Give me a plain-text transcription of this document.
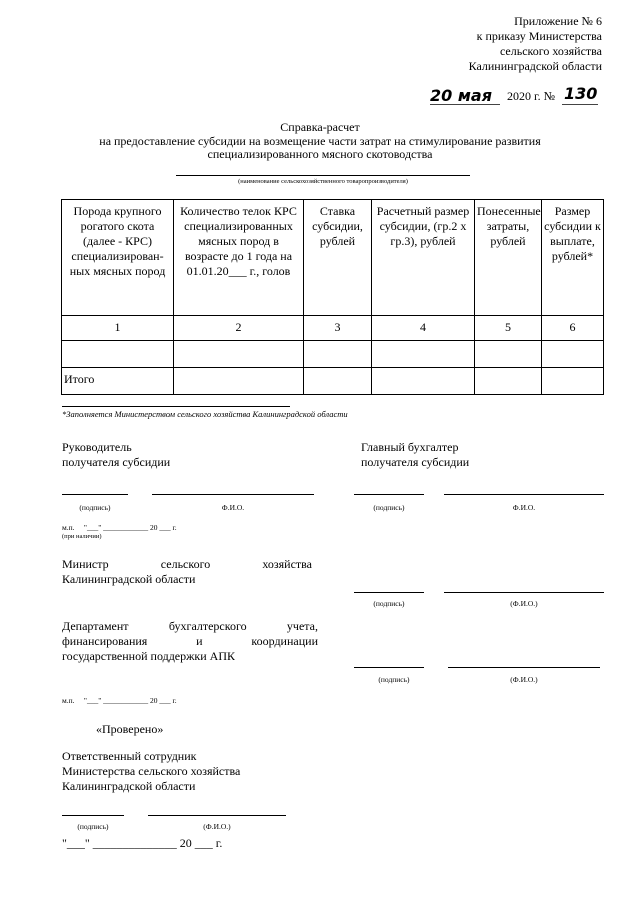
Приложение № 6
к приказу Министерства
сельского хозяйства
Калининградской области
20 мая 2020 г. № 130
Справка-расчет
на предоставление субсидии на возмещение части затрат на стимулирование развития
специализированного мясного скотоводства
(наименование сельскохозяйственного товаропроизводителя)
Порода крупного рогатого скота (далее - КРС) специализирован-ных мясных пород	Количество телок КРС специализированных мясных пород в возрасте до 1 года на 01.01.20___ г., голов	Ставка субсидии, рублей	Расчетный размер субсидии, (гр.2 х гр.3), рублей	Понесенные затраты, рублей	Размер субсидии к выплате, рублей*
1	2	3	4	5	6

Итого					
*Заполняется Министерством сельского хозяйства Калининградской области
Руководитель
получателя субсидии
Главный бухгалтер
получателя субсидии
(подпись)	Ф.И.О.	(подпись)	Ф.И.О.
м.п.     "___" ____________ 20 ___ г.
(при наличии)
Министр	сельского	хозяйства
Калининградской области
(подпись)	(Ф.И.О.)
Департамент	бухгалтерского	учета,
финансирования	и	координации
государственной поддержки АПК
(подпись)	(Ф.И.О.)
м.п.     "___" ____________ 20 ___ г.
«Проверено»
Ответственный сотрудник
Министерства сельского хозяйства
Калининградской области
(подпись)	(Ф.И.О.)
"___" ______________ 20 ___ г.
